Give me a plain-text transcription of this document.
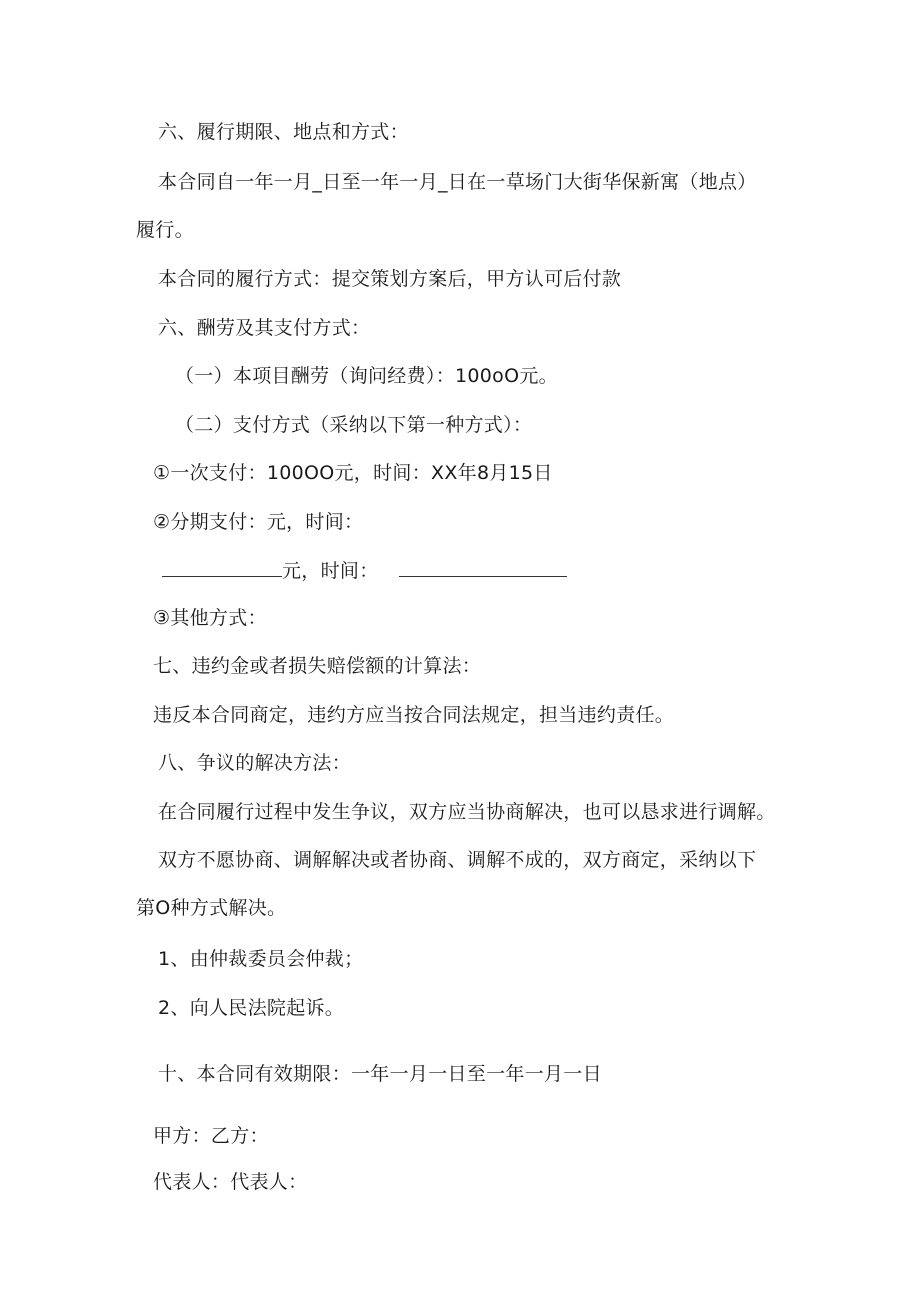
六、履行期限、地点和方式：
本合同自一年一月_日至一年一月_日在一草场门大街华保新寓（地点）
履行。
本合同的履行方式：提交策划方案后，甲方认可后付款
六、酬劳及其支付方式：
（一）本项目酬劳（询问经费）：100oO元。
（二）支付方式（采纳以下第一种方式）：
①一次支付：100OO元，时间：XX年8月15日
②分期支付：元，时间：
元，时间：
③其他方式：
七、违约金或者损失赔偿额的计算法：
违反本合同商定，违约方应当按合同法规定，担当违约责任。
八、争议的解决方法：
在合同履行过程中发生争议，双方应当协商解决，也可以恳求进行调解。
双方不愿协商、调解解决或者协商、调解不成的，双方商定，采纳以下
第O种方式解决。
1、由仲裁委员会仲裁；
2、向人民法院起诉。
十、本合同有效期限：一年一月一日至一年一月一日
甲方：乙方：
代表人：代表人：
